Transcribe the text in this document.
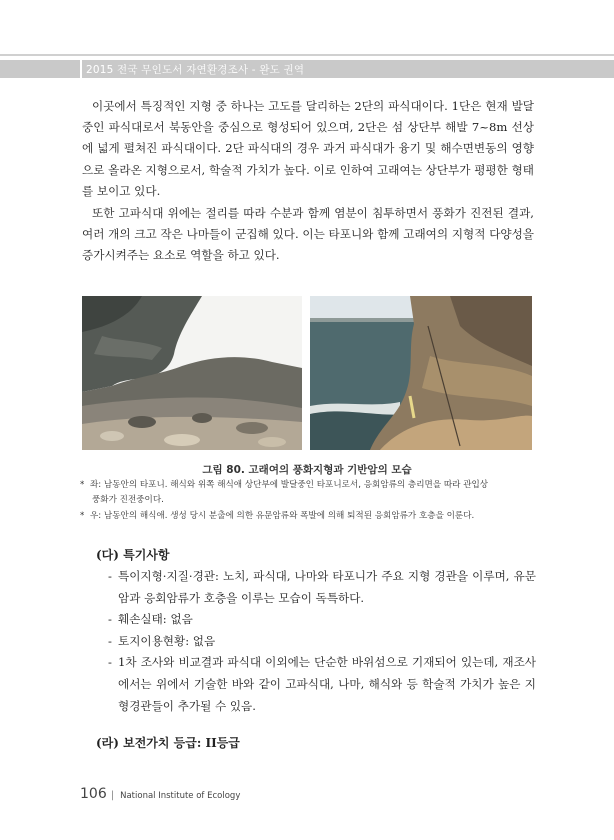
2015 전국 무인도서 자연환경조사 - 완도 권역

이곳에서 특징적인 지형 중 하나는 고도를 달리하는 2단의 파식대이다. 1단은 현재 발달중인 파식대로서 북동안을 중심으로 형성되어 있으며, 2단은 섬 상단부 해발 7~8m 선상에 넓게 펼쳐진 파식대이다. 2단 파식대의 경우 과거 파식대가 융기 및 해수면변동의 영향으로 올라온 지형으로서, 학술적 가치가 높다. 이로 인하여 고래여는 상단부가 평평한 형태를 보이고 있다.

또한 고파식대 위에는 절리를 따라 수분과 함께 염분이 침투하면서 풍화가 진전된 결과, 여러 개의 크고 작은 나마들이 군집해 있다. 이는 타포니와 함께 고래여의 지형적 다양성을 증가시켜주는 요소로 역할을 하고 있다.

그림 80. 고래여의 풍화지형과 기반암의 모습
* 좌: 남동안의 타포니. 해식와 위쪽 해식애 상단부에 발달중인 타포니로서, 응회암류의 층리면을 따라 관입상
풍화가 진전중이다.
* 우: 남동안의 해식애. 생성 당시 분출에 의한 유문암류와 폭발에 의해 퇴적된 응회암류가 호층을 이룬다.
(다) 특기사항
- 특이지형·지질·경관: 노치, 파식대, 나마와 타포니가 주요 지형 경관을 이루며, 유문암과 응회암류가 호층을 이루는 모습이 독특하다.
- 훼손실태: 없음
- 토지이용현황: 없음
- 1차 조사와 비교결과 파식대 이외에는 단순한 바위섬으로 기재되어 있는데, 재조사에서는 위에서 기술한 바와 같이 고파식대, 나마, 해식와 등 학술적 가치가 높은 지형경관들이 추가될 수 있음.
(라) 보전가치 등급: II등급
106 | National Institute of Ecology
